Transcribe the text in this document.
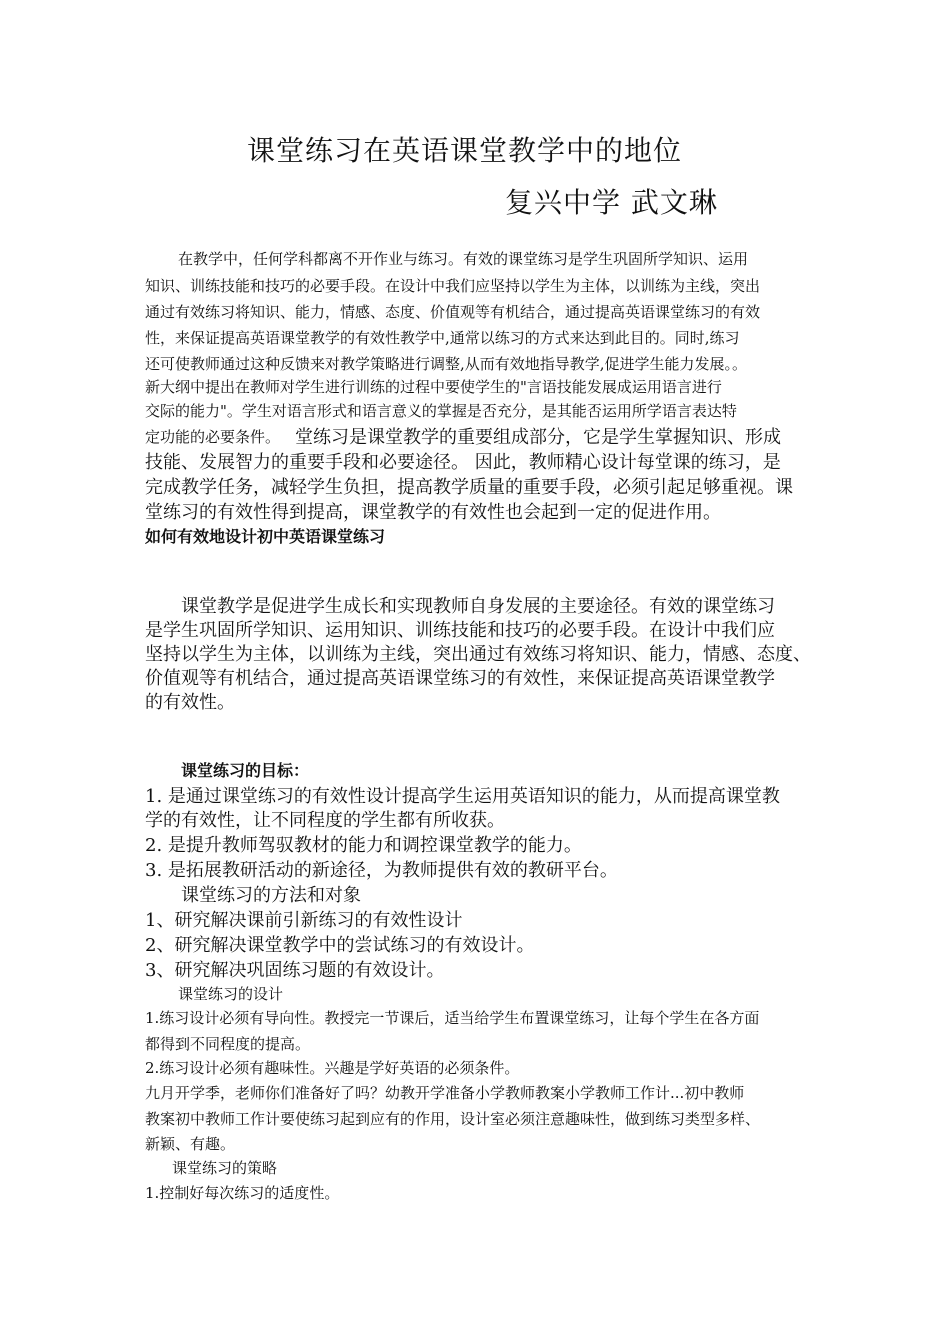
课堂练习在英语课堂教学中的地位

复兴中学 武文琳

在教学中，任何学科都离不开作业与练习。有效的课堂练习是学生巩固所学知识、运用

知识、训练技能和技巧的必要手段。在设计中我们应坚持以学生为主体，以训练为主线，突出

通过有效练习将知识、能力，情感、态度、价值观等有机结合，通过提高英语课堂练习的有效

性，来保证提高英语课堂教学的有效性教学中,通常以练习的方式来达到此目的。同时,练习

还可使教师通过这种反馈来对教学策略进行调整,从而有效地指导教学,促进学生能力发展。。

新大纲中提出在教师对学生进行训练的过程中要使学生的"言语技能发展成运用语言进行

交际的能力"。学生对语言形式和语言意义的掌握是否充分，是其能否运用所学语言表达特

定功能的必要条件。 堂练习是课堂教学的重要组成部分，它是学生掌握知识、形成

技能、发展智力的重要手段和必要途径。 因此，教师精心设计每堂课的练习，是

完成教学任务，减轻学生负担，提高教学质量的重要手段，必须引起足够重视。课

堂练习的有效性得到提高，课堂教学的有效性也会起到一定的促进作用。

如何有效地设计初中英语课堂练习

课堂教学是促进学生成长和实现教师自身发展的主要途径。有效的课堂练习

是学生巩固所学知识、运用知识、训练技能和技巧的必要手段。在设计中我们应

坚持以学生为主体，以训练为主线，突出通过有效练习将知识、能力，情感、态度、

价值观等有机结合，通过提高英语课堂练习的有效性，来保证提高英语课堂教学

的有效性。

课堂练习的目标：

1. 是通过课堂练习的有效性设计提高学生运用英语知识的能力，从而提高课堂教

学的有效性，让不同程度的学生都有所收获。

2. 是提升教师驾驭教材的能力和调控课堂教学的能力。

3. 是拓展教研活动的新途径，为教师提供有效的教研平台。

课堂练习的方法和对象

1、研究解决课前引新练习的有效性设计

2、研究解决课堂教学中的尝试练习的有效设计。

3、研究解决巩固练习题的有效设计。

课堂练习的设计

1.练习设计必须有导向性。教授完一节课后，适当给学生布置课堂练习，让每个学生在各方面

都得到不同程度的提高。

2.练习设计必须有趣味性。兴趣是学好英语的必须条件。

九月开学季，老师你们准备好了吗？幼教开学准备小学教师教案小学教师工作计...初中教师

教案初中教师工作计要使练习起到应有的作用，设计室必须注意趣味性，做到练习类型多样、

新颖、有趣。

课堂练习的策略

1.控制好每次练习的适度性。
